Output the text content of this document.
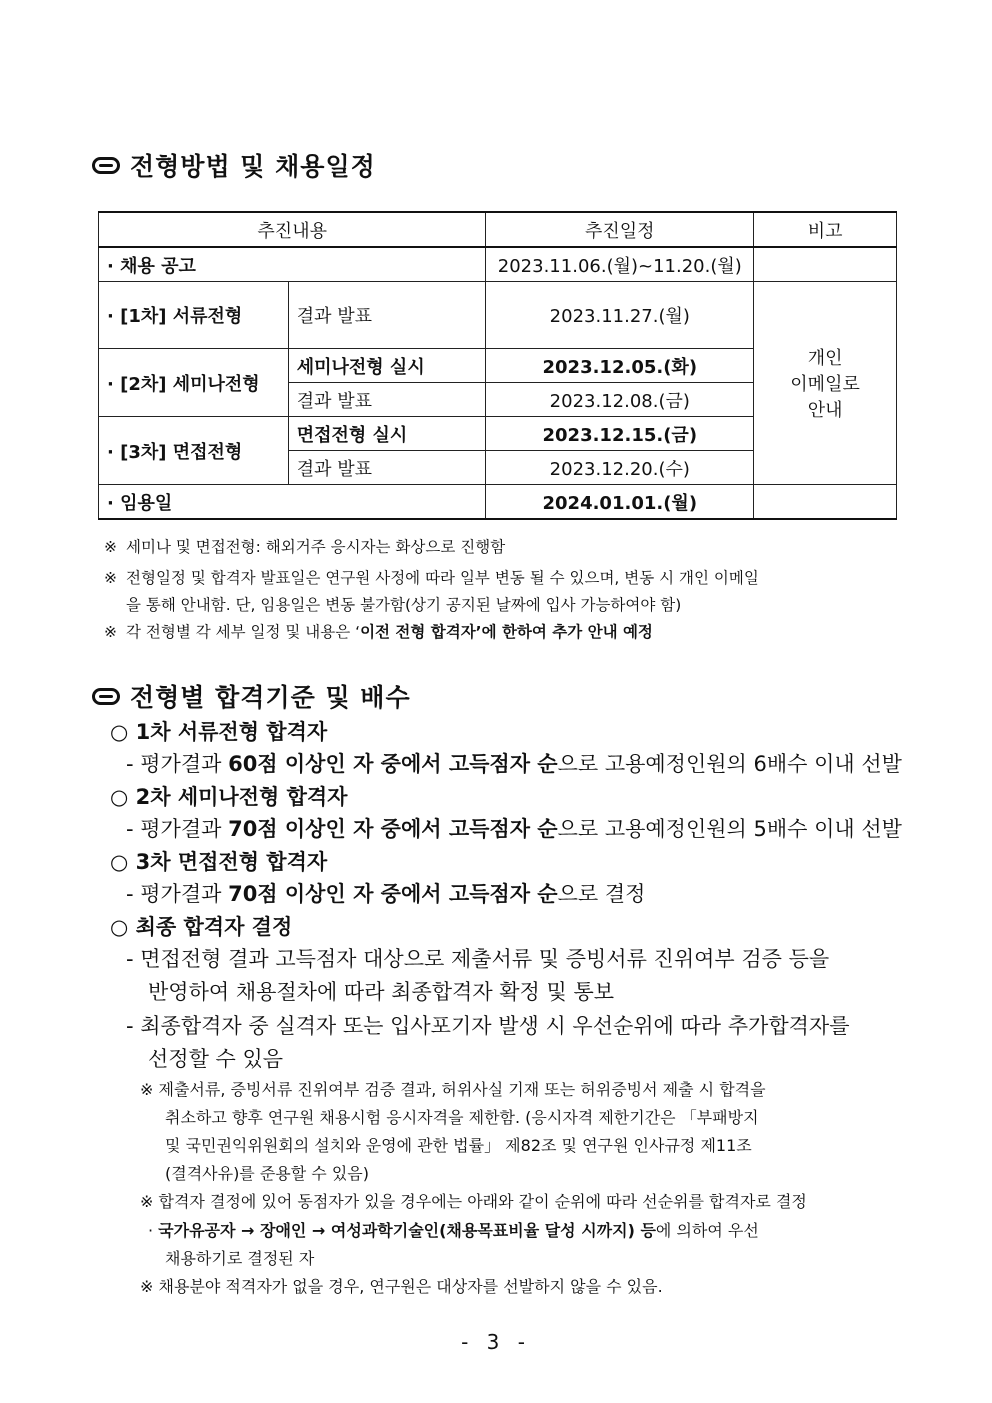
전형방법 및 채용일정
추진내용		추진일정	비고
· 채용 공고		2023.11.06.(월)~11.20.(월)	
· [1차] 서류전형	결과 발표	2023.11.27.(월)	개인
이메일로
안내

· [2차] 세미나전형	세미나전형 실시	2023.12.05.(화)	
	결과 발표	2023.12.08.(금)	
· [3차] 면접전형	면접전형 실시	2023.12.15.(금)	
	결과 발표	2023.12.20.(수)	
· 임용일		2024.01.01.(월)	
※ 세미나 및 면접전형: 해외거주 응시자는 화상으로 진행함
※ 전형일정 및 합격자 발표일은 연구원 사정에 따라 일부 변동 될 수 있으며, 변동 시 개인 이메일
을 통해 안내함. 단, 임용일은 변동 불가함(상기 공지된 날짜에 입사 가능하여야 함)
※ 각 전형별 각 세부 일정 및 내용은 ‘이전 전형 합격자’에 한하여 추가 안내 예정
전형별 합격기준 및 배수
○ 1차 서류전형 합격자
- 평가결과 60점 이상인 자 중에서 고득점자 순으로 고용예정인원의 6배수 이내 선발
○ 2차 세미나전형 합격자
- 평가결과 70점 이상인 자 중에서 고득점자 순으로 고용예정인원의 5배수 이내 선발
○ 3차 면접전형 합격자
- 평가결과 70점 이상인 자 중에서 고득점자 순으로 결정
○ 최종 합격자 결정
- 면접전형 결과 고득점자 대상으로 제출서류 및 증빙서류 진위여부 검증 등을
반영하여 채용절차에 따라 최종합격자 확정 및 통보
- 최종합격자 중 실격자 또는 입사포기자 발생 시 우선순위에 따라 추가합격자를
선정할 수 있음
※ 제출서류, 증빙서류 진위여부 검증 결과, 허위사실 기재 또는 허위증빙서 제출 시 합격을
취소하고 향후 연구원 채용시험 응시자격을 제한함. (응시자격 제한기간은 「부패방지
및 국민권익위원회의 설치와 운영에 관한 법률」 제82조 및 연구원 인사규정 제11조
(결격사유)를 준용할 수 있음)
※ 합격자 결정에 있어 동점자가 있을 경우에는 아래와 같이 순위에 따라 선순위를 합격자로 결정
· 국가유공자 → 장애인 → 여성과학기술인(채용목표비율 달성 시까지) 등에 의하여 우선
채용하기로 결정된 자
※ 채용분야 적격자가 없을 경우, 연구원은 대상자를 선발하지 않을 수 있음.
- 3 -
